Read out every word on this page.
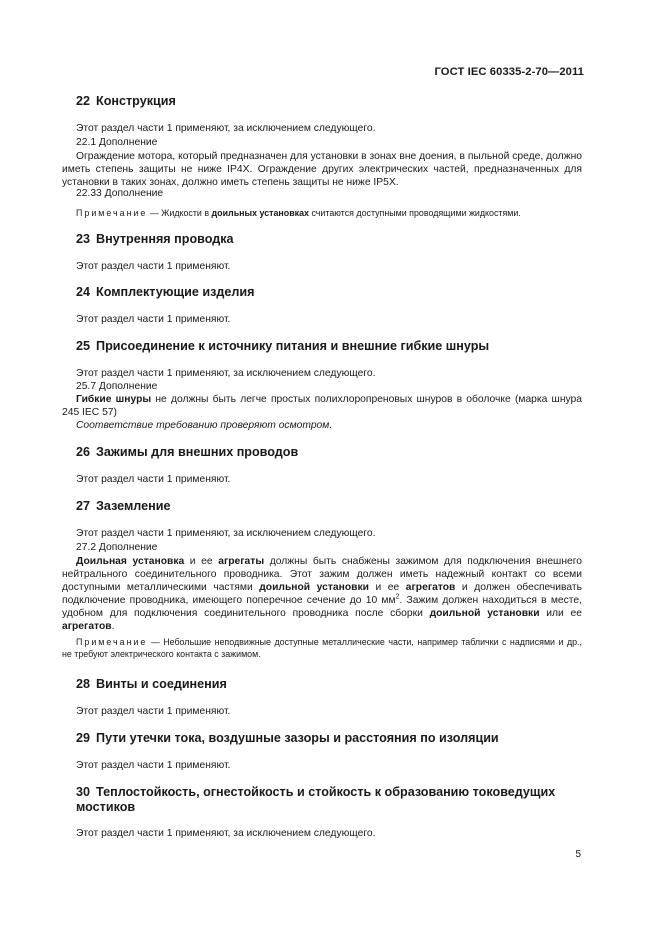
ГОСТ IEC 60335-2-70—2011
22 Конструкция
Этот раздел части 1 применяют, за исключением следующего.
22.1 Дополнение
Ограждение мотора, который предназначен для установки в зонах вне доения, в пыльной среде, должно иметь степень защиты не ниже IP4X. Ограждение других электрических частей, предназначенных для установки в таких зонах, должно иметь степень защиты не ниже IP5X.
22.33 Дополнение
Примечание — Жидкости в доильных установках считаются доступными проводящими жидкостями.
23 Внутренняя проводка
Этот раздел части 1 применяют.
24 Комплектующие изделия
Этот раздел части 1 применяют.
25 Присоединение к источнику питания и внешние гибкие шнуры
Этот раздел части 1 применяют, за исключением следующего.
25.7 Дополнение
Гибкие шнуры не должны быть легче простых полихлоропреновых шнуров в оболочке (марка шнура 245 IEC 57)
Соответствие требованию проверяют осмотром.
26 Зажимы для внешних проводов
Этот раздел части 1 применяют.
27 Заземление
Этот раздел части 1 применяют, за исключением следующего.
27.2 Дополнение
Доильная установка и ее агрегаты должны быть снабжены зажимом для подключения внешнего нейтрального соединительного проводника. Этот зажим должен иметь надежный контакт со всеми доступными металлическими частями доильной установки и ее агрегатов и должен обеспечивать подключение проводника, имеющего поперечное сечение до 10 $мм^2$. Зажим должен находиться в месте, удобном для подключения соединительного проводника после сборки доильной установки или ее агрегатов.
Примечание — Небольшие неподвижные доступные металлические части, например таблички с надписями и др., не требуют электрического контакта с зажимом.
28 Винты и соединения
Этот раздел части 1 применяют.
29 Пути утечки тока, воздушные зазоры и расстояния по изоляции
Этот раздел части 1 применяют.
30 Теплостойкость, огнестойкость и стойкость к образованию токоведущих мостиков
Этот раздел части 1 применяют, за исключением следующего.
5
